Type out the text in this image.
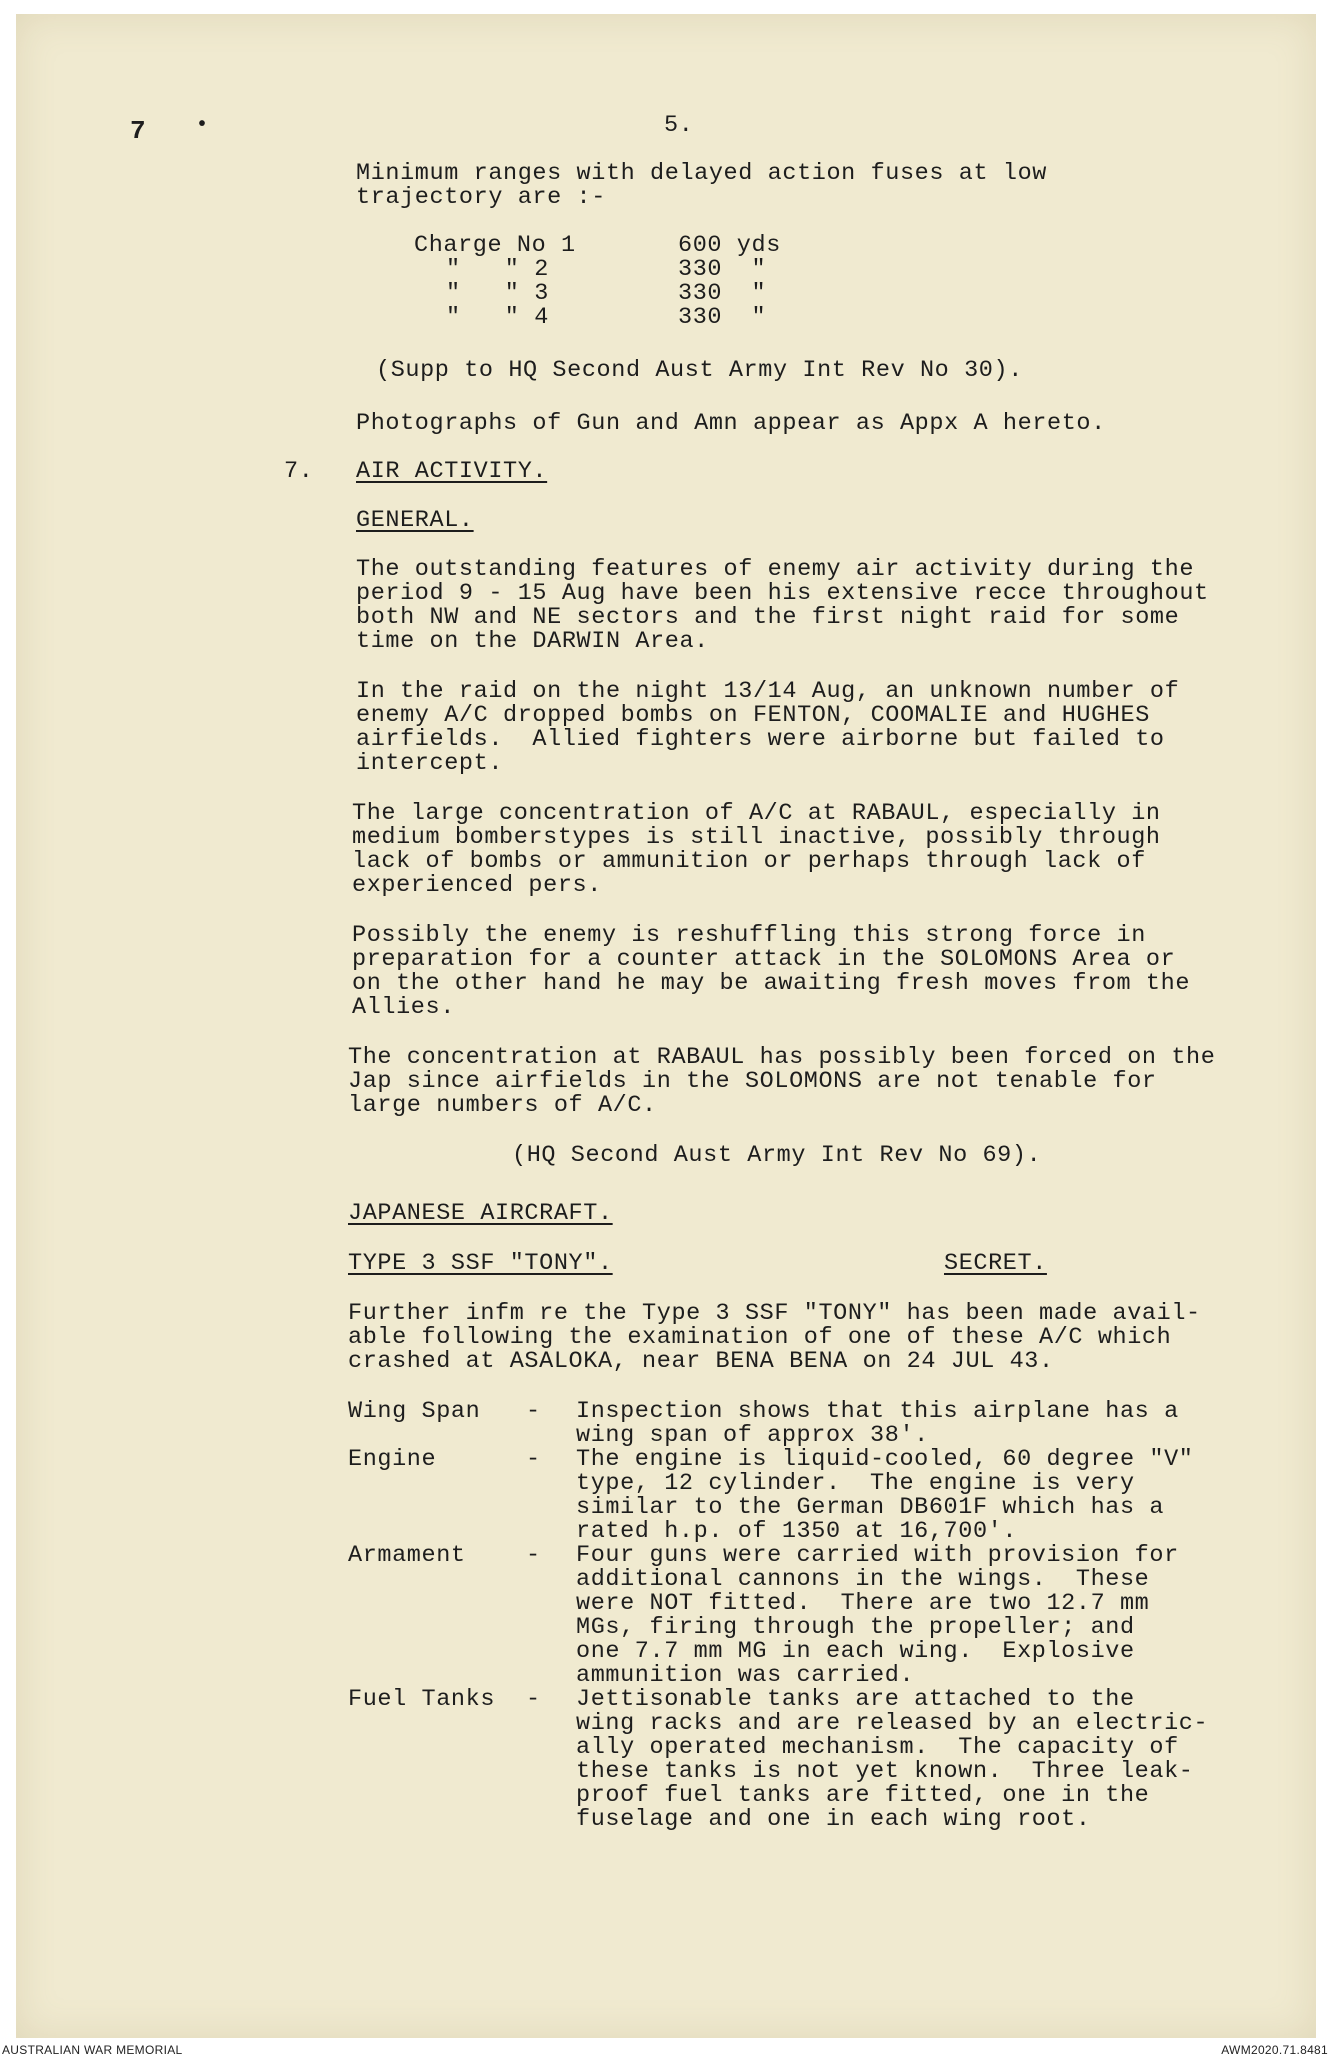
7	•	5.
Minimum ranges with delayed action fuses at low
trajectory are :-
Charge No 1	600 yds
"   " 2	330  "
"   " 3	330  "
"   " 4	330  "
(Supp to HQ Second Aust Army Int Rev No 30).
Photographs of Gun and Amn appear as Appx A hereto.
7. AIR ACTIVITY.
GENERAL.
The outstanding features of enemy air activity during the
period 9 - 15 Aug have been his extensive recce throughout
both NW and NE sectors and the first night raid for some
time on the DARWIN Area.
In the raid on the night 13/14 Aug, an unknown number of
enemy A/C dropped bombs on FENTON, COOMALIE and HUGHES
airfields.  Allied fighters were airborne but failed to
intercept.
The large concentration of A/C at RABAUL, especially in
medium bomberstypes is still inactive, possibly through
lack of bombs or ammunition or perhaps through lack of
experienced pers.
Possibly the enemy is reshuffling this strong force in
preparation for a counter attack in the SOLOMONS Area or
on the other hand he may be awaiting fresh moves from the
Allies.
The concentration at RABAUL has possibly been forced on the
Jap since airfields in the SOLOMONS are not tenable for
large numbers of A/C.
(HQ Second Aust Army Int Rev No 69).
JAPANESE AIRCRAFT.
TYPE 3 SSF "TONY".	SECRET.
Further infm re the Type 3 SSF "TONY" has been made avail-
able following the examination of one of these A/C which
crashed at ASALOKA, near BENA BENA on 24 JUL 43.
Wing Span - Inspection shows that this airplane has a
wing span of approx 38'.
Engine	- The engine is liquid-cooled, 60 degree "V"
type, 12 cylinder.  The engine is very
similar to the German DB601F which has a
rated h.p. of 1350 at 16,700'.
Armament	- Four guns were carried with provision for
additional cannons in the wings.  These
were NOT fitted.  There are two 12.7 mm
MGs, firing through the propeller; and
one 7.7 mm MG in each wing.  Explosive
ammunition was carried.
Fuel Tanks - Jettisonable tanks are attached to the
wing racks and are released by an electric-
ally operated mechanism.  The capacity of
these tanks is not yet known.  Three leak-
proof fuel tanks are fitted, one in the
fuselage and one in each wing root.
AUSTRALIAN WAR MEMORIAL	AWM2020.71.8481
